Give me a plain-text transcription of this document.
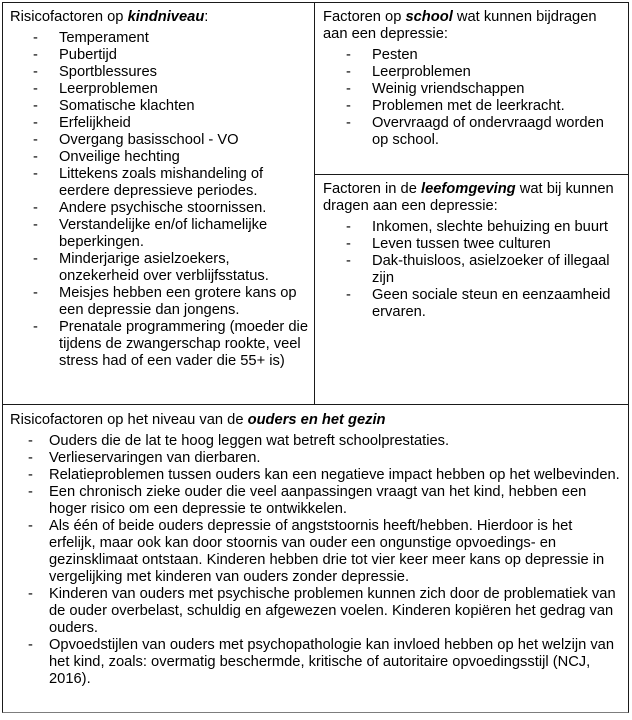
Risicofactoren op kindniveau:

-	Temperament
-	Pubertijd
-	Sportblessures
-	Leerproblemen
-	Somatische klachten
-	Erfelijkheid
-	Overgang basisschool - VO
-	Onveilige hechting
-	Littekens zoals mishandeling of eerdere depressieve periodes.
-	Andere psychische stoornissen.
-	Verstandelijke en/of lichamelijke beperkingen.
-	Minderjarige asielzoekers, onzekerheid over verblijfsstatus.
-	Meisjes hebben een grotere kans op een depressie dan jongens.
-	Prenatale programmering (moeder die tijdens de zwangerschap rookte, veel stress had of een vader die 55+ is)

Factoren op school wat kunnen bijdragen aan een depressie:

-	Pesten
-	Leerproblemen
-	Weinig vriendschappen
-	Problemen met de leerkracht.
-	Overvraagd of ondervraagd worden op school.

Factoren in de leefomgeving wat bij kunnen dragen aan een depressie:

-	Inkomen, slechte behuizing en buurt
-	Leven tussen twee culturen
-	Dak-thuisloos, asielzoeker of illegaal zijn
-	Geen sociale steun en eenzaamheid ervaren.

Risicofactoren op het niveau van de ouders en het gezin

-	Ouders die de lat te hoog leggen wat betreft schoolprestaties.
-	Verlieservaringen van dierbaren.
-	Relatieproblemen tussen ouders kan een negatieve impact hebben op het welbevinden.
-	Een chronisch zieke ouder die veel aanpassingen vraagt van het kind, hebben een hoger risico om een depressie te ontwikkelen.
-	Als één of beide ouders depressie of angststoornis heeft/hebben. Hierdoor is het erfelijk, maar ook kan door stoornis van ouder een ongunstige opvoedings- en gezinsklimaat ontstaan. Kinderen hebben drie tot vier keer meer kans op depressie in vergelijking met kinderen van ouders zonder depressie.
-	Kinderen van ouders met psychische problemen kunnen zich door de problematiek van de ouder overbelast, schuldig en afgewezen voelen. Kinderen kopiëren het gedrag van ouders.
-	Opvoedstijlen van ouders met psychopathologie kan invloed hebben op het welzijn van het kind, zoals: overmatig beschermde, kritische of autoritaire opvoedingsstijl (NCJ, 2016).
